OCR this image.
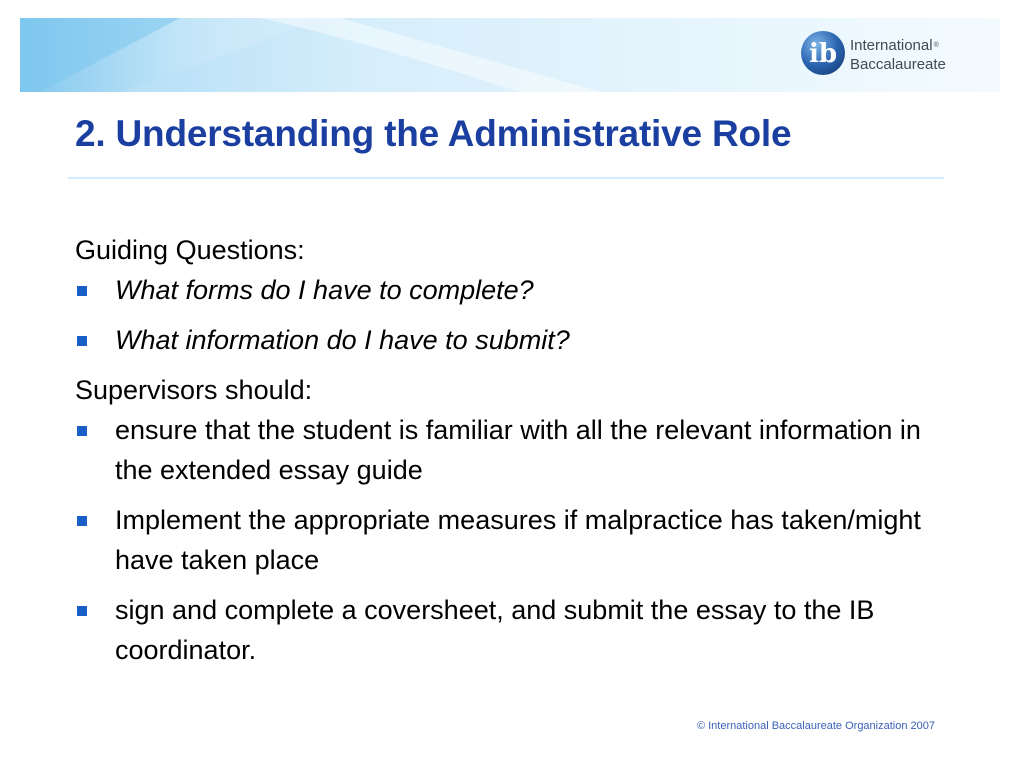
ib International®
Baccalaureate
2. Understanding the Administrative Role

Guiding Questions:

What forms do I have to complete?
What information do I have to submit?

Supervisors should:

ensure that the student is familiar with all the relevant information in the extended essay guide
Implement the appropriate measures if malpractice has taken/might have taken place
sign and complete a coversheet, and submit the essay to the IB coordinator.
© International Baccalaureate Organization 2007
